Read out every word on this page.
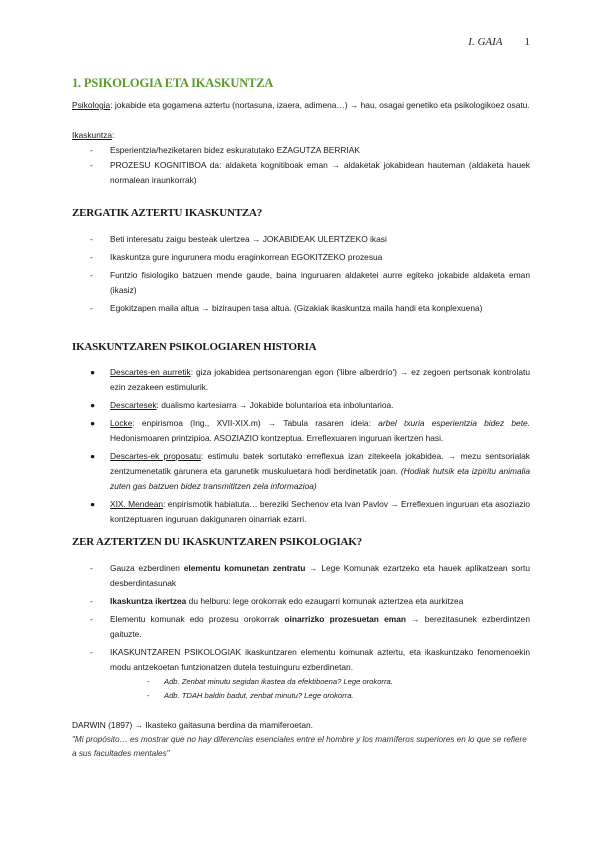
I. GAIA 1
1. PSIKOLOGIA ETA IKASKUNTZA
Psikologia: jokabide eta gogamena aztertu (nortasuna, izaera, adimena…) → hau, osagai genetiko eta psikologikoez osatu.
Ikaskuntza:
- Esperientzia/heziketaren bidez eskuratutako EZAGUTZA BERRIAK
- PROZESU KOGNITIBOA da: aldaketa kognitiboak eman → aldaketak jokabidean hauteman (aldaketa hauek normalean iraunkorrak)
ZERGATIK AZTERTU IKASKUNTZA?
- Beti interesatu zaigu besteak ulertzea → JOKABIDEAK ULERTZEKO ikasi
- Ikaskuntza gure ingurunera modu eraginkorrean EGOKITZEKO prozesua
- Funtzio fisiologiko batzuen mende gaude, baina inguruaren aldaketei aurre egiteko jokabide aldaketa eman (ikasiz)
- Egokitzapen maila altua → biziraupen tasa altua. (Gizakiak ikaskuntza maila handi eta konplexuena)
IKASKUNTZAREN PSIKOLOGIAREN HISTORIA
● Descartes-en aurretik: giza jokabidea pertsonarengan egon ('libre alberdrío') → ez zegoen pertsonak kontrolatu ezin zezakeen estimulurik.
● Descartesek: dualismo kartesiarra → Jokabide boluntarioa eta inboluntarioa.
● Locke: enpirismoa (Ing., XVII-XIX.m) → Tabula rasaren ideia: arbel txuria esperientzia bidez bete. Hedonismoaren printzipioa. ASOZIAZIO kontzeptua. Erreflexuaren inguruan ikertzen hasi.
● Descartes-ek proposatu: estimulu batek sortutako erreflexua izan zitekeela jokabidea. → mezu sentsorialak zentzumenetatik garunera eta garunetik muskuluetara hodi berdinetatik joan. (Hodiak hutsik eta izpiritu animalia zuten gas batzuen bidez transmititzen zela informazioa)
● XIX. Mendean: enpirismotik habiatuta… bereziki Sechenov eta Ivan Pavlov → Erreflexuen inguruan eta asoziazio kontzeptuaren inguruan dakigunaren oinarriak ezarri.
ZER AZTERTZEN DU IKASKUNTZAREN PSIKOLOGIAK?
- Gauza ezberdinen elementu komunetan zentratu → Lege Komunak ezartzeko eta hauek aplikatzean sortu desberdintasunak
- Ikaskuntza ikertzea du helburu: lege orokorrak edo ezaugarri komunak aztertzea eta aurkitzea
- Elementu komunak edo prozesu orokorrak oinarrizko prozesuetan eman → berezitasunek ezberdintzen gaituzte.
- IKASKUNTZAREN PSIKOLOGIAK ikaskuntzaren elementu komunak aztertu, eta ikaskuntzako fenomenoekin modu antzekoetan funtzionatzen dutela testuinguru ezberdinetan.
- Adb. Zenbat minutu segidan ikastea da efektiboena? Lege orokorra.
- Adb. TDAH baldin badut, zenbat minutu? Lege orokorra.
DARWIN (1897) → Ikasteko gaitasuna berdina da mamiferoetan.
"Mi propósito… es mostrar que no hay diferencias esenciales entre el hombre y los mamíferos superiores en lo que se refiere a sus facultades mentales"
